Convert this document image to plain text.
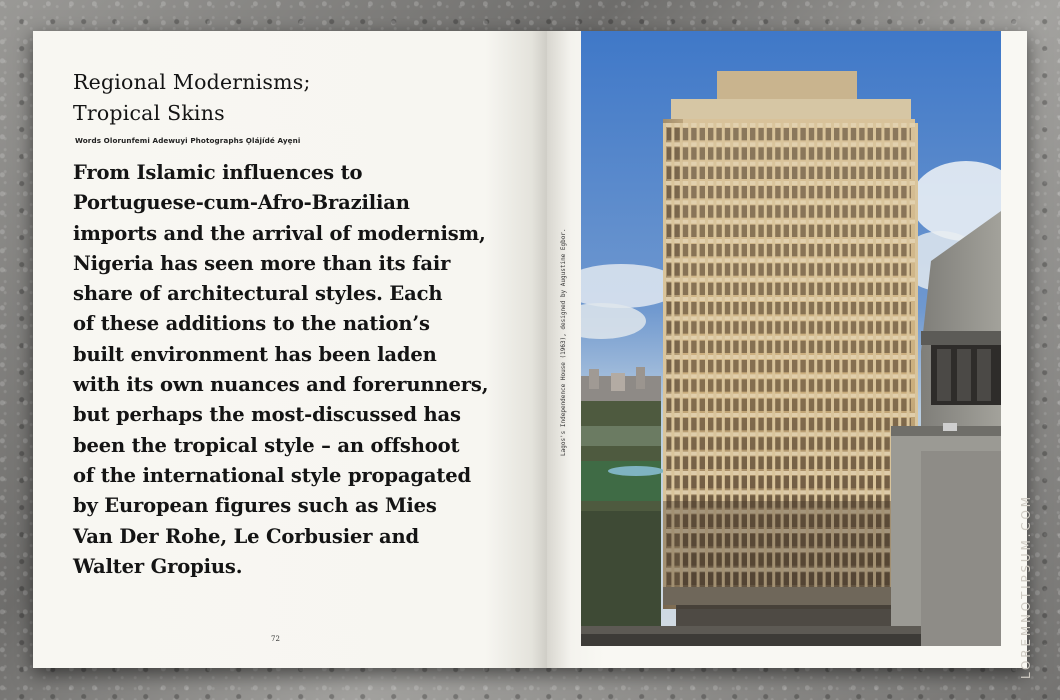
Regional Modernisms;
Tropical Skins
Words Olorunfemi Adewuyi Photographs Ọlájídé Ayẹni

From Islamic influences to
Portuguese-cum-Afro-Brazilian
imports and the arrival of modernism,
Nigeria has seen more than its fair
share of architectural styles. Each
of these additions to the nation’s
built environment has been laden
with its own nuances and forerunners,
but perhaps the most-discussed has
been the tropical style – an offshoot
of the international style propagated
by European figures such as Mies
Van Der Rohe, Le Corbusier and
Walter Gropius.

72
Lagos's Independence House (1963), designed by Augustine Egbor.
LOREMNOTIPSUM.COM
